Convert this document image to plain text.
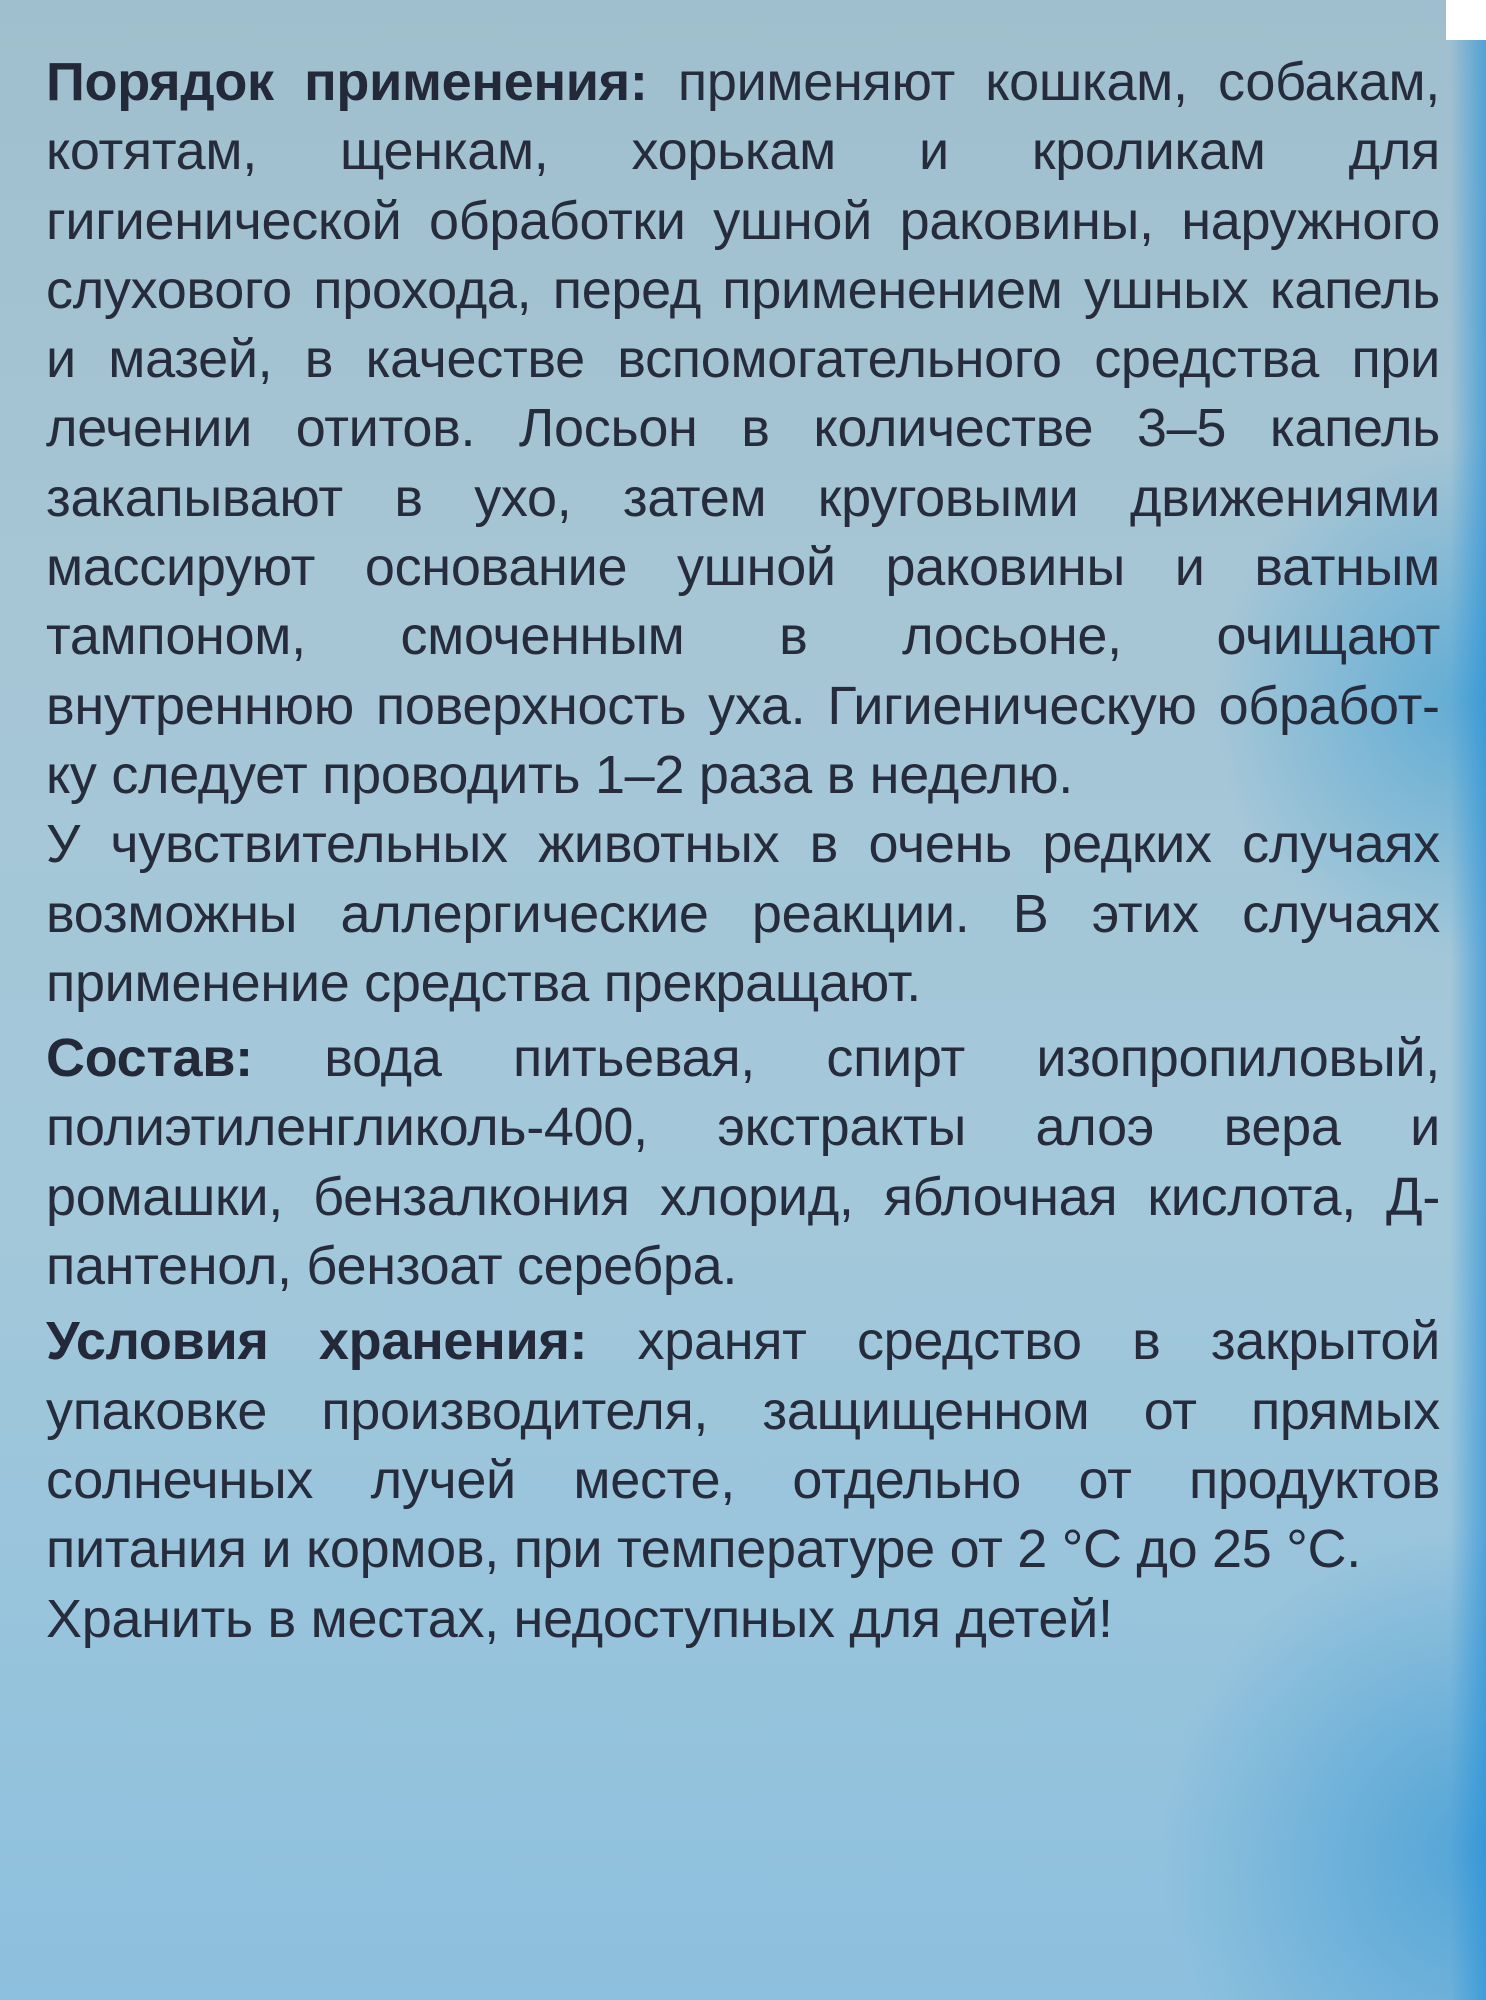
Порядок применения: применяют кошкам, собакам, котятам, щенкам, хорькам и кроликам для гигиенической обработки ушной раковины, наружного слухового прохода, перед применением ушных капель и мазей, в качестве вспомогательного средства при лечении отитов. Лосьон в количестве 3–5 капель закапывают в ухо, затем круговыми движениями массируют основание ушной раковины и ватным тампоном, смоченным в лосьоне, очищают внутреннюю поверхность уха. Гигиеническую обработку следует проводить 1–2 раза в неделю.

У чувствительных животных в очень редких случаях возможны аллергические реакции. В этих случаях применение средства прекращают.

Состав: вода питьевая, спирт изопропиловый, полиэтиленгликоль-400, экстракты алоэ вера и ромашки, бензалкония хлорид, яблочная кислота, Д-пантенол, бензоат серебра.

Условия хранения: хранят средство в закрытой упаковке производителя, защищенном от прямых солнечных лучей месте, отдельно от продуктов питания и кормов, при температуре от 2 °С до 25 °С.

Хранить в местах, недоступных для детей!
